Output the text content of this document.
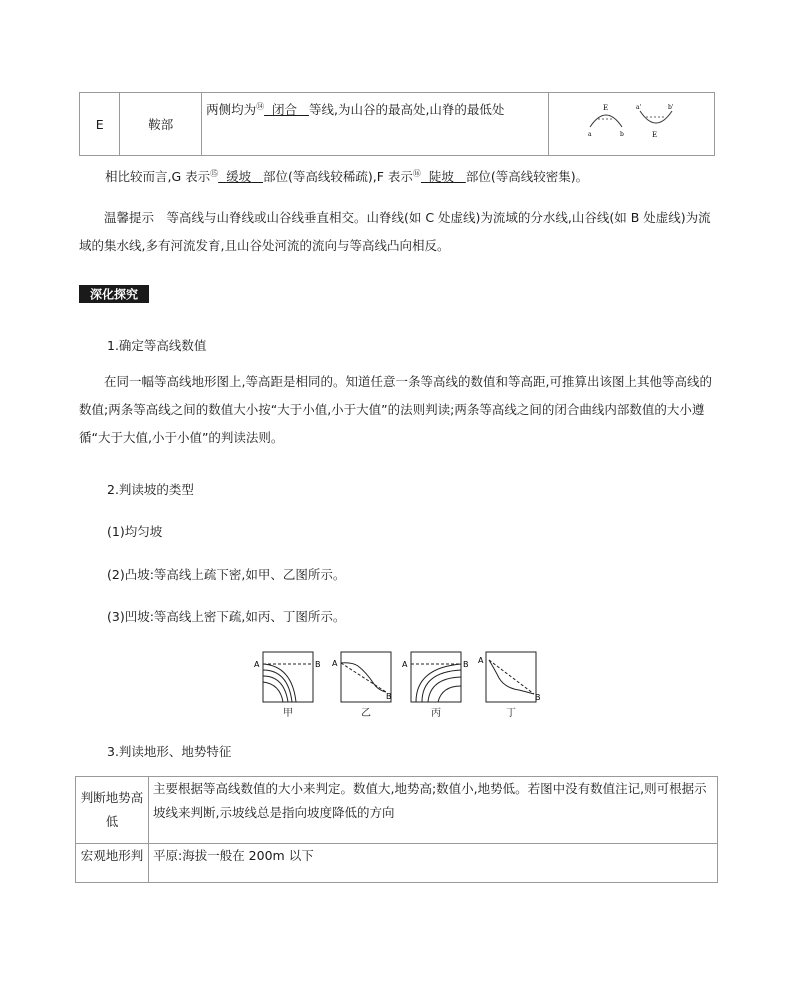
E	鞍部	两侧均为⑭ 闭合 等线,为山谷的最高处,山脊的最低处	E
a	b
a'	b'
E
相比较而言,G 表示⑮ 缓坡 部位(等高线较稀疏),F 表示⑯ 陡坡 部位(等高线较密集)。
温馨提示　等高线与山脊线或山谷线垂直相交。山脊线(如 C 处虚线)为流域的分水线,山谷线(如 B 处虚线)为流域的集水线,多有河流发育,且山谷处河流的流向与等高线凸向相反。
深化探究
1.确定等高线数值
在同一幅等高线地形图上,等高距是相同的。知道任意一条等高线的数值和等高距,可推算出该图上其他等高线的数值;两条等高线之间的数值大小按“大于小值,小于大值”的法则判读;两条等高线之间的闭合曲线内部数值的大小遵循“大于大值,小于小值”的判读法则。
2.判读坡的类型
(1)均匀坡
(2)凸坡:等高线上疏下密,如甲、乙图所示。
(3)凹坡:等高线上密下疏,如丙、丁图所示。
A	B A
B
A	B A
B
甲	乙	丙	丁
3.判读地形、地势特征
判断地势高低	主要根据等高线数值的大小来判定。数值大,地势高;数值小,地势低。若图中没有数值注记,则可根据示坡线来判断,示坡线总是指向坡度降低的方向
宏观地形判	平原:海拔一般在 200m 以下
